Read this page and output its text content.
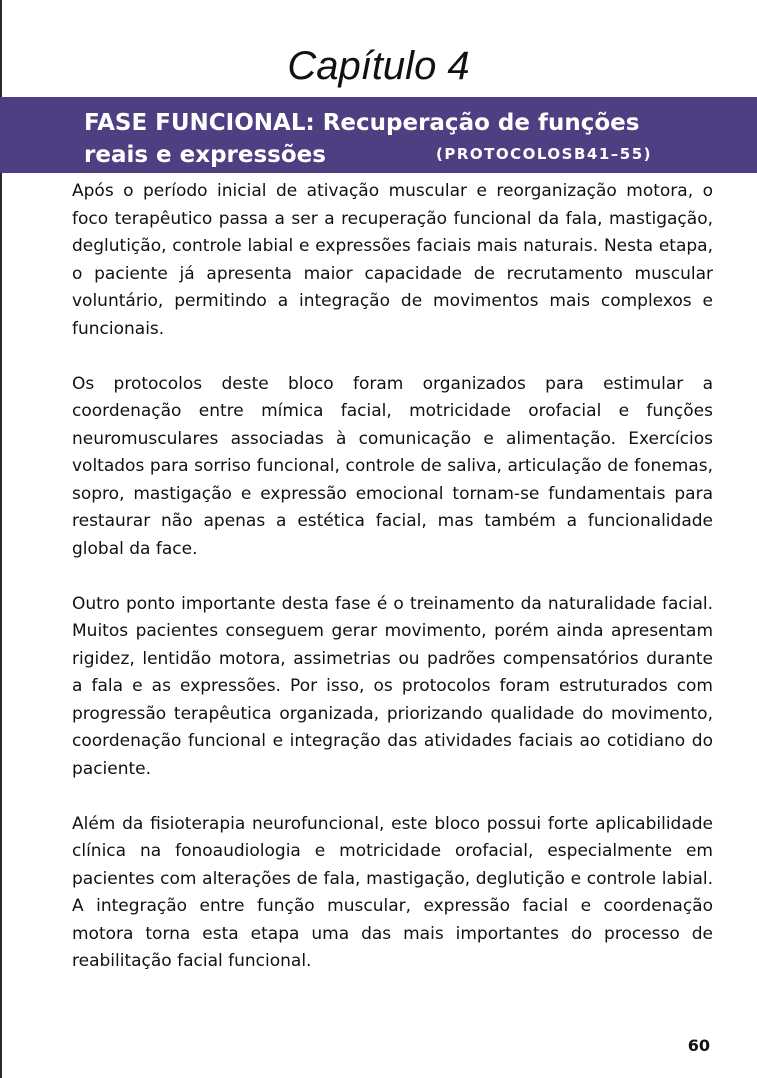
Capítulo 4
FASE FUNCIONAL: Recuperação de funções
reais e expressões	(PROTOCOLOSB41–55)

Após o período inicial de ativação muscular e reorganização motora, o foco terapêutico passa a ser a recuperação funcional da fala, mastigação, deglutição, controle labial e expressões faciais mais naturais. Nesta etapa, o paciente já apresenta maior capacidade de recrutamento muscular voluntário, permitindo a integração de movimentos mais complexos e funcionais.

Os protocolos deste bloco foram organizados para estimular a coordenação entre mímica facial, motricidade orofacial e funções neuromusculares associadas à comunicação e alimentação. Exercícios voltados para sorriso funcional, controle de saliva, articulação de fonemas, sopro, mastigação e expressão emocional tornam-se fundamentais para restaurar não apenas a estética facial, mas também a funcionalidade global da face.

Outro ponto importante desta fase é o treinamento da naturalidade facial. Muitos pacientes conseguem gerar movimento, porém ainda apresentam rigidez, lentidão motora, assimetrias ou padrões compensatórios durante a fala e as expressões. Por isso, os protocolos foram estruturados com progressão terapêutica organizada, priorizando qualidade do movimento, coordenação funcional e integração das atividades faciais ao cotidiano do paciente.

Além da fisioterapia neurofuncional, este bloco possui forte aplicabilidade clínica na fonoaudiologia e motricidade orofacial, especialmente em pacientes com alterações de fala, mastigação, deglutição e controle labial. A integração entre função muscular, expressão facial e coordenação motora torna esta etapa uma das mais importantes do processo de reabilitação facial funcional.

60
